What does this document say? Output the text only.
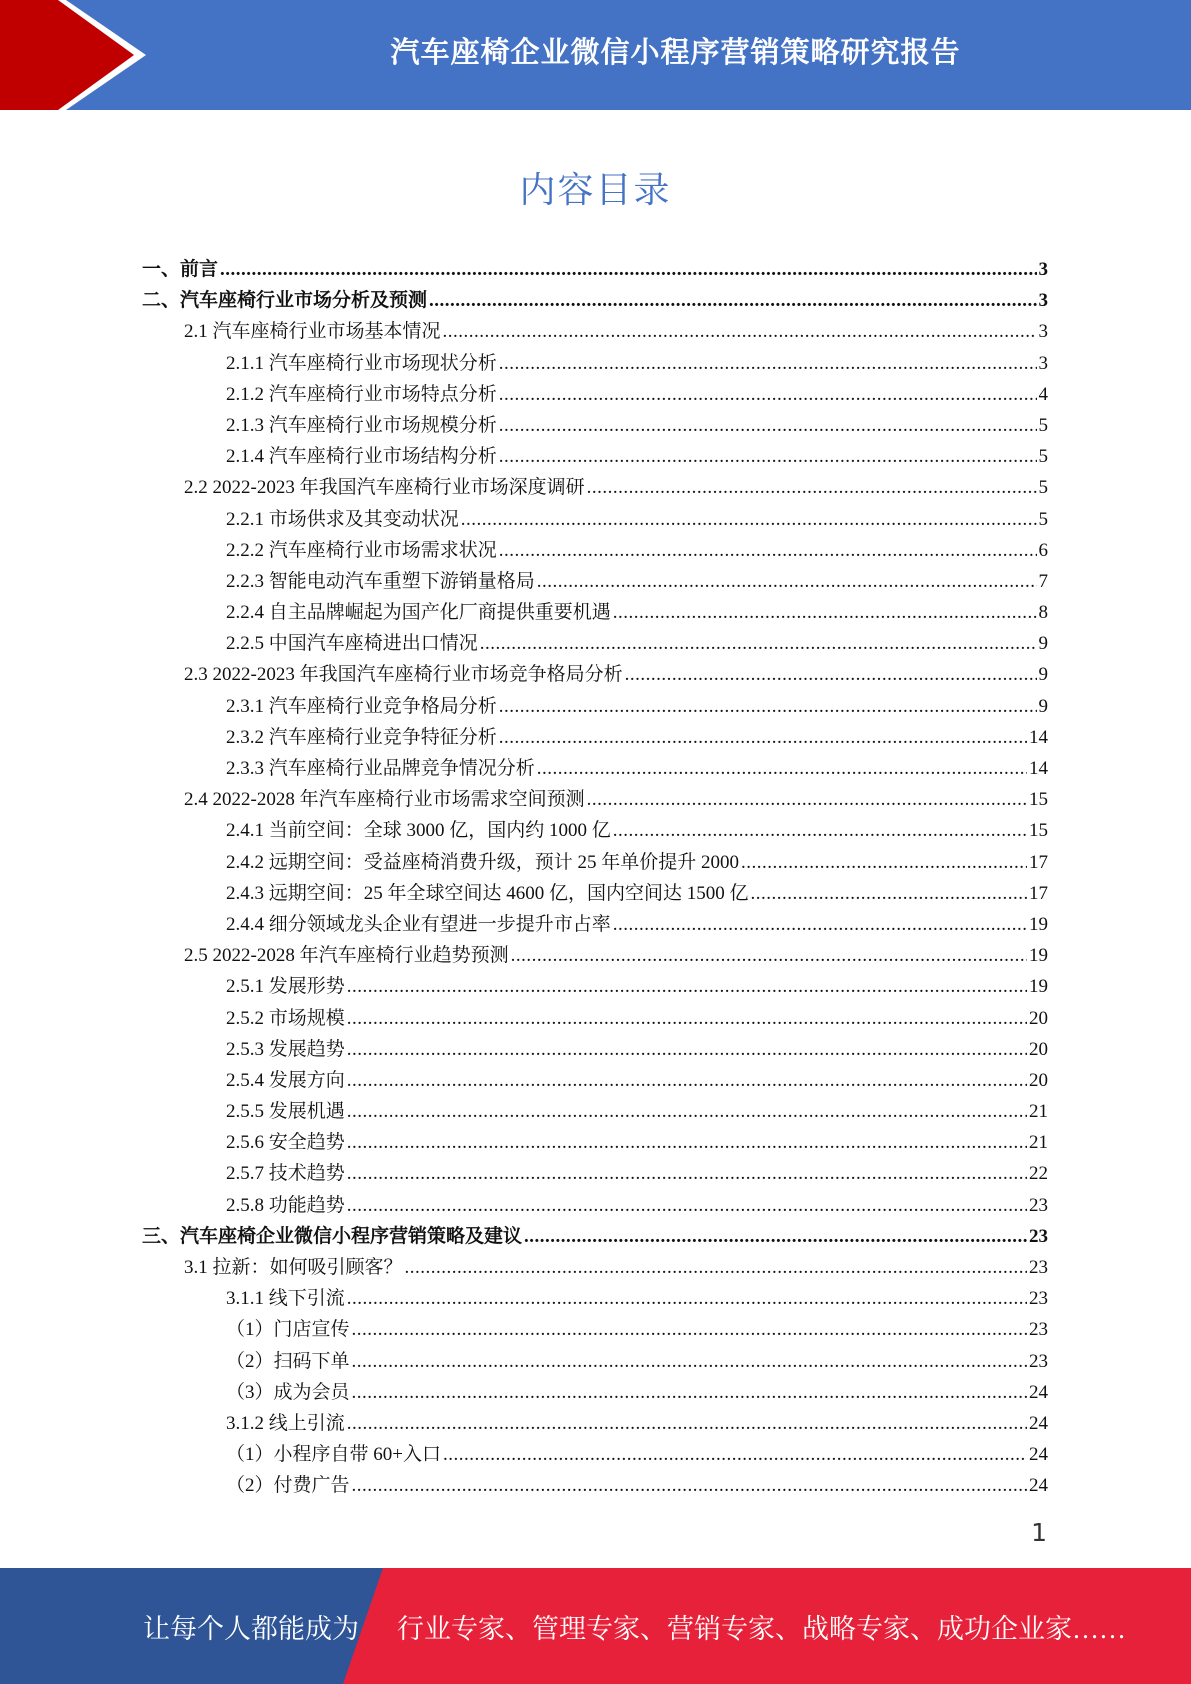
汽车座椅企业微信小程序营销策略研究报告
内容目录
一、前言 .....	3
二、汽车座椅行业市场分析及预测 .....	3
2.1 汽车座椅行业市场基本情况 .....	3
2.1.1 汽车座椅行业市场现状分析 .....	3
2.1.2 汽车座椅行业市场特点分析 .....	4
2.1.3 汽车座椅行业市场规模分析 .....	5
2.1.4 汽车座椅行业市场结构分析 .....	5
2.2 2022-2023 年我国汽车座椅行业市场深度调研 .....	5
2.2.1 市场供求及其变动状况 .....	5
2.2.2 汽车座椅行业市场需求状况 .....	6
2.2.3 智能电动汽车重塑下游销量格局 .....	7
2.2.4 自主品牌崛起为国产化厂商提供重要机遇 .....	8
2.2.5 中国汽车座椅进出口情况 .....	9
2.3 2022-2023 年我国汽车座椅行业市场竞争格局分析 .....	9
2.3.1 汽车座椅行业竞争格局分析 .....	9
2.3.2 汽车座椅行业竞争特征分析 .....	14
2.3.3 汽车座椅行业品牌竞争情况分析 .....	14
2.4 2022-2028 年汽车座椅行业市场需求空间预测 .....	15
2.4.1 当前空间：全球 3000 亿，国内约 1000 亿 .....	15
2.4.2 远期空间：受益座椅消费升级，预计 25 年单价提升 2000 .....	17
2.4.3 远期空间：25 年全球空间达 4600 亿，国内空间达 1500 亿 .....	17
2.4.4 细分领域龙头企业有望进一步提升市占率 .....	19
2.5 2022-2028 年汽车座椅行业趋势预测 .....	19
2.5.1 发展形势 .....	19
2.5.2 市场规模 .....	20
2.5.3 发展趋势 .....	20
2.5.4 发展方向 .....	20
2.5.5 发展机遇 .....	21
2.5.6 安全趋势 .....	21
2.5.7 技术趋势 .....	22
2.5.8 功能趋势 .....	23
三、汽车座椅企业微信小程序营销策略及建议 .....	23
3.1 拉新：如何吸引顾客？ .....	23
3.1.1 线下引流 .....	23
（1）门店宣传 .....	23
（2）扫码下单 .....	23
（3）成为会员 .....	24
3.1.2 线上引流 .....	24
（1）小程序自带 60+入口 .....	24
（2）付费广告 .....	24
1
让每个人都能成为 行业专家、管理专家、营销专家、战略专家、成功企业家……
